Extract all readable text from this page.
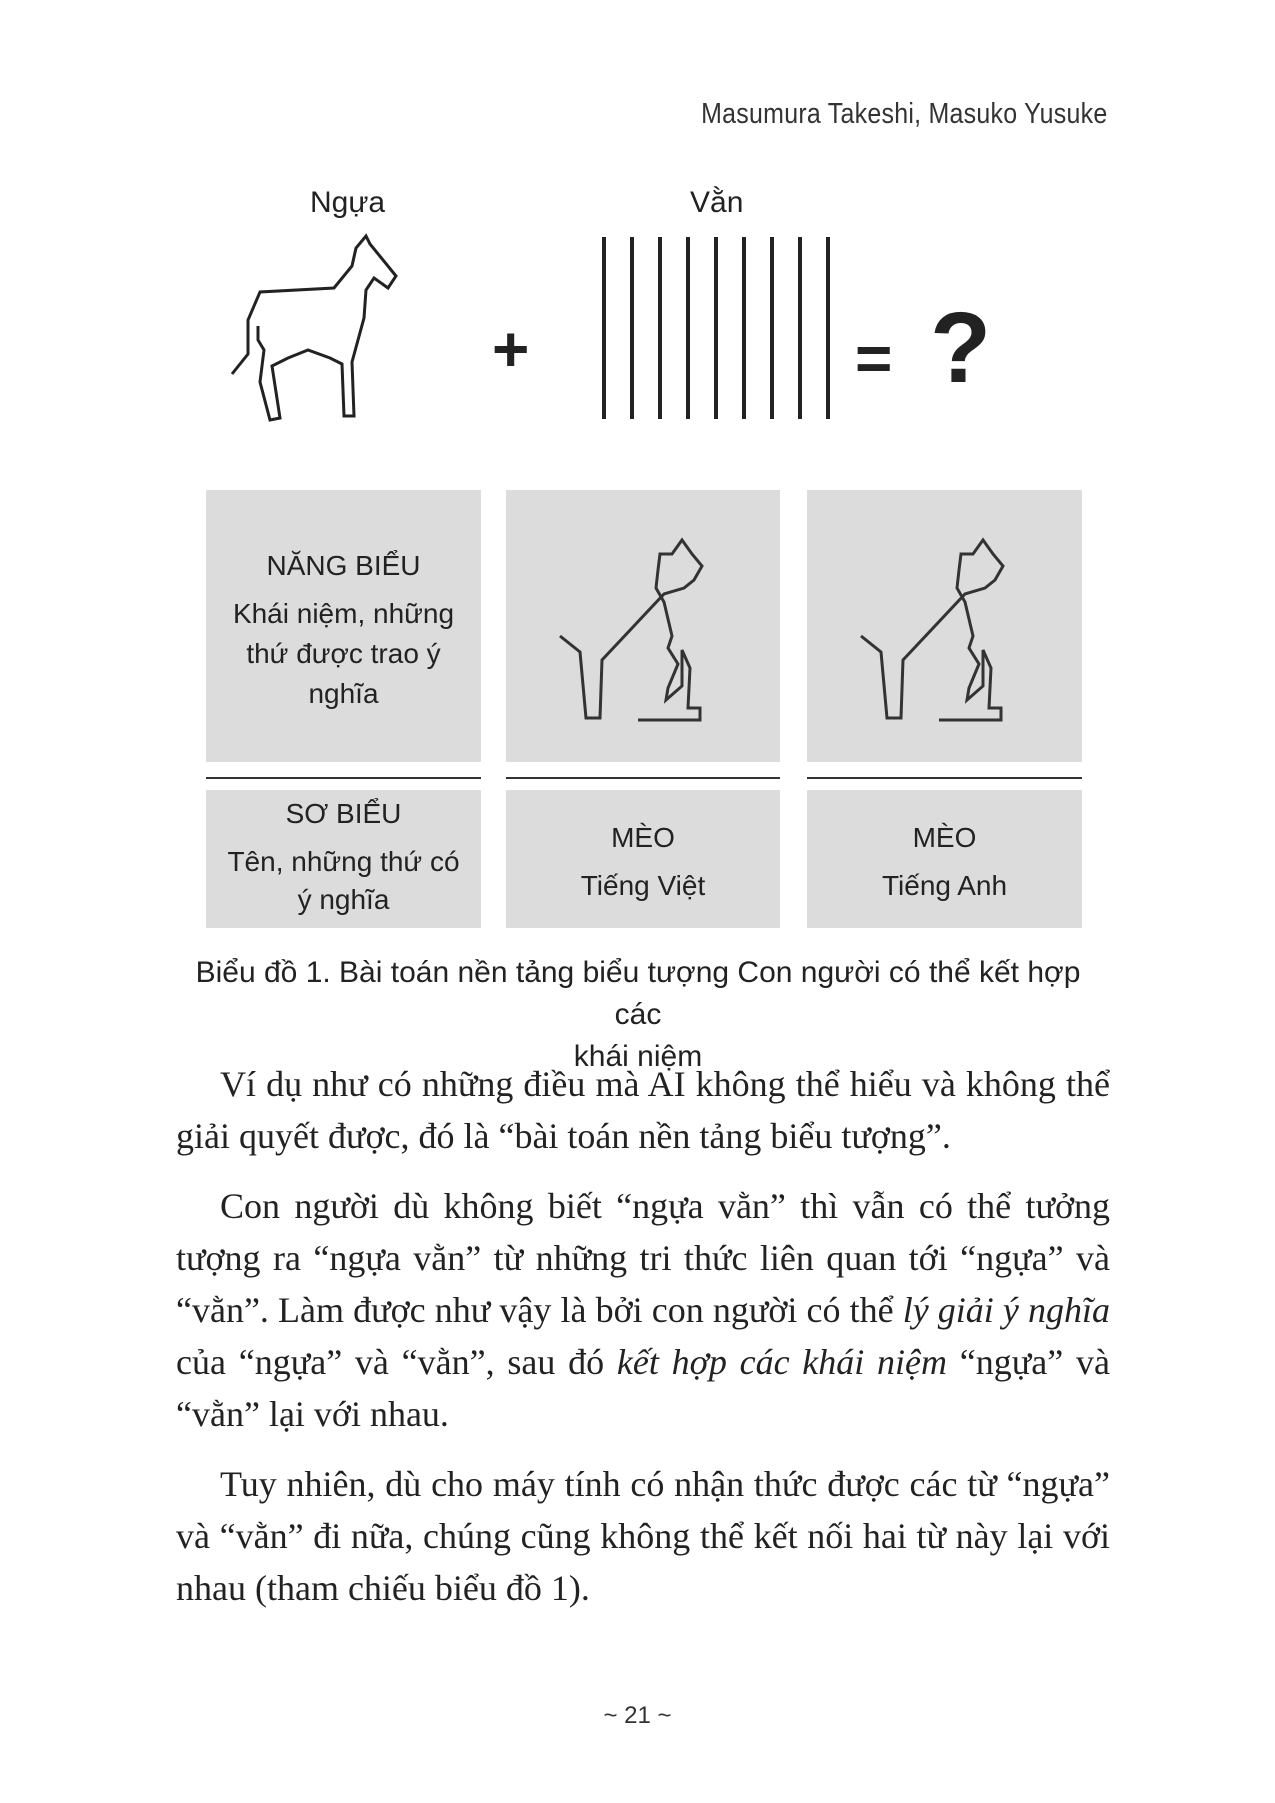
Masumura Takeshi, Masuko Yusuke
Ngựa	Vằn
+	= ?
NĂNG BIỂU
Khái niệm, những
thứ được trao ý
nghĩa
SƠ BIỂU
Tên, những thứ có
ý nghĩa
MÈO
Tiếng Việt
MÈO
Tiếng Anh
Biểu đồ 1. Bài toán nền tảng biểu tượng Con người có thể kết hợp các
khái niệm
Ví dụ như có những điều mà AI không thể hiểu và không thể giải quyết được, đó là “bài toán nền tảng biểu tượng”.
Con người dù không biết “ngựa vằn” thì vẫn có thể tưởng tượng ra “ngựa vằn” từ những tri thức liên quan tới “ngựa” và “vằn”. Làm được như vậy là bởi con người có thể lý giải ý nghĩa của “ngựa” và “vằn”, sau đó kết hợp các khái niệm “ngựa” và “vằn” lại với nhau.
Tuy nhiên, dù cho máy tính có nhận thức được các từ “ngựa” và “vằn” đi nữa, chúng cũng không thể kết nối hai từ này lại với nhau (tham chiếu biểu đồ 1).
~ 21 ~
